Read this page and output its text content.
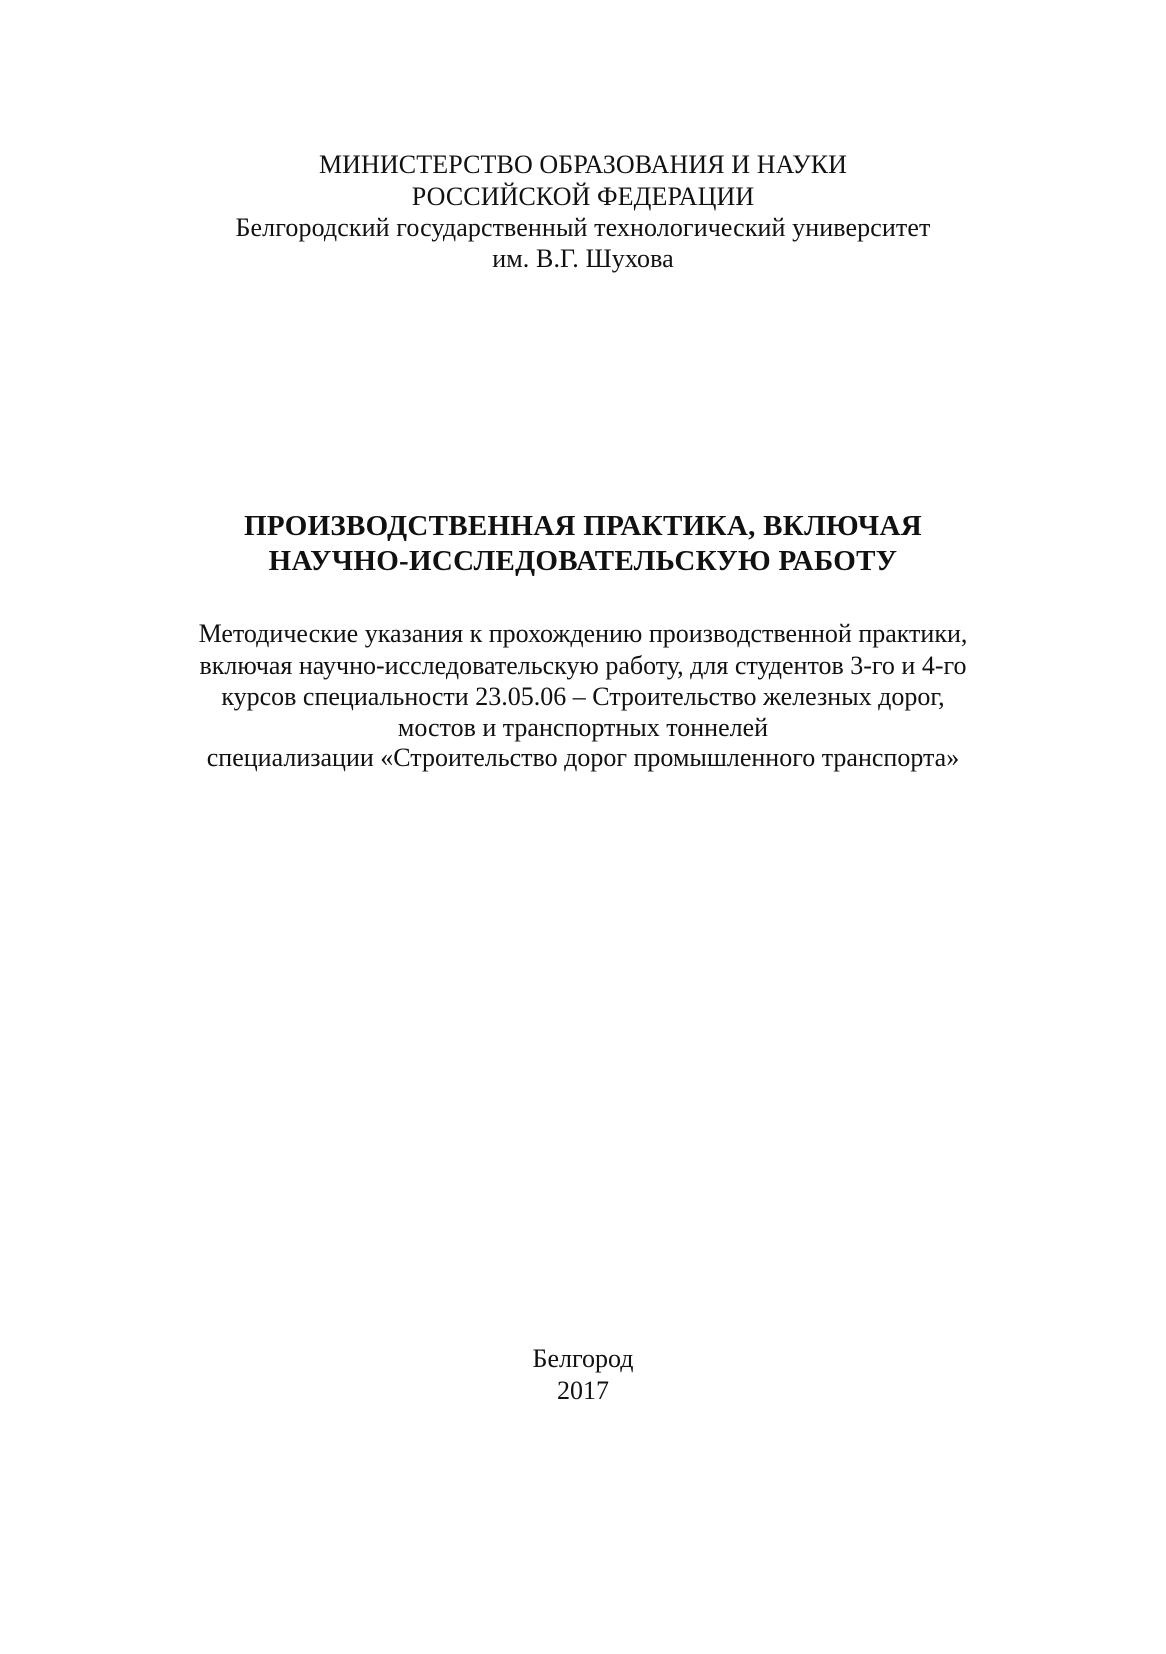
МИНИСТЕРСТВО ОБРАЗОВАНИЯ И НАУКИ
РОССИЙСКОЙ ФЕДЕРАЦИИ
Белгородский государственный технологический университет
им. В.Г. Шухова
ПРОИЗВОДСТВЕННАЯ ПРАКТИКА, ВКЛЮЧАЯ
НАУЧНО-ИССЛЕДОВАТЕЛЬСКУЮ РАБОТУ
Методические указания к прохождению производственной практики,
включая научно-исследовательскую работу, для студентов 3-го и 4-го
курсов специальности 23.05.06 – Строительство железных дорог,
мостов и транспортных тоннелей
специализации «Строительство дорог промышленного транспорта»
Белгород
2017
